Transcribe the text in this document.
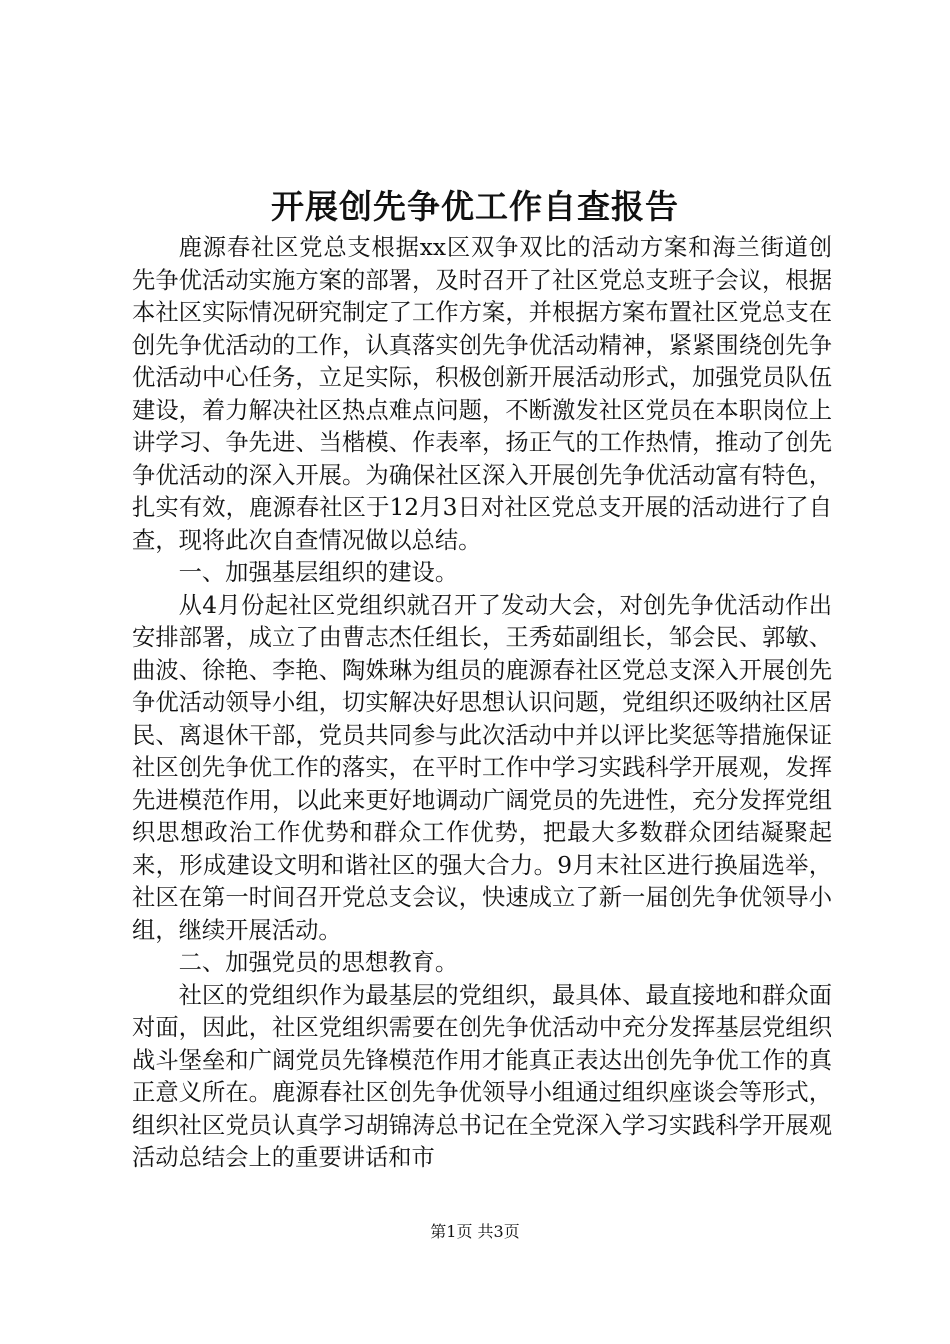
开展创先争优工作自查报告

鹿源春社区党总支根据xx区双争双比的活动方案和海兰街道创先争优活动实施方案的部署，及时召开了社区党总支班子会议，根据本社区实际情况研究制定了工作方案，并根据方案布置社区党总支在创先争优活动的工作，认真落实创先争优活动精神，紧紧围绕创先争优活动中心任务，立足实际，积极创新开展活动形式，加强党员队伍建设，着力解决社区热点难点问题，不断激发社区党员在本职岗位上讲学习、争先进、当楷模、作表率，扬正气的工作热情，推动了创先争优活动的深入开展。为确保社区深入开展创先争优活动富有特色，扎实有效，鹿源春社区于12月3日对社区党总支开展的活动进行了自查，现将此次自查情况做以总结。

一、加强基层组织的建设。

从4月份起社区党组织就召开了发动大会，对创先争优活动作出安排部署，成立了由曹志杰任组长，王秀茹副组长，邹会民、郭敏、曲波、徐艳、李艳、陶姝琳为组员的鹿源春社区党总支深入开展创先争优活动领导小组，切实解决好思想认识问题，党组织还吸纳社区居民、离退休干部，党员共同参与此次活动中并以评比奖惩等措施保证社区创先争优工作的落实，在平时工作中学习实践科学开展观，发挥先进模范作用，以此来更好地调动广阔党员的先进性，充分发挥党组织思想政治工作优势和群众工作优势，把最大多数群众团结凝聚起来，形成建设文明和谐社区的强大合力。9月末社区进行换届选举，社区在第一时间召开党总支会议，快速成立了新一届创先争优领导小组，继续开展活动。

二、加强党员的思想教育。

社区的党组织作为最基层的党组织，最具体、最直接地和群众面对面，因此，社区党组织需要在创先争优活动中充分发挥基层党组织战斗堡垒和广阔党员先锋模范作用才能真正表达出创先争优工作的真正意义所在。鹿源春社区创先争优领导小组通过组织座谈会等形式，组织社区党员认真学习胡锦涛总书记在全党深入学习实践科学开展观活动总结会上的重要讲话和市

第1页 共3页
